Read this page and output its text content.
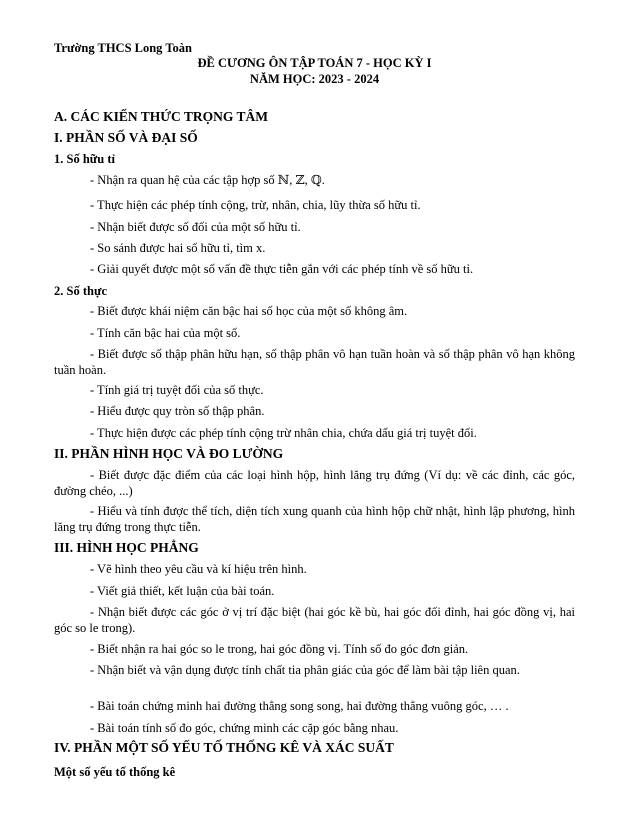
Trường THCS Long Toàn
ĐỀ CƯƠNG ÔN TẬP TOÁN 7 - HỌC KỲ I
NĂM HỌC: 2023 - 2024
A. CÁC KIẾN THỨC TRỌNG TÂM
I. PHẦN SỐ VÀ ĐẠI SỐ
1. Số hữu tỉ
- Nhận ra quan hệ của các tập hợp số ℕ, ℤ, ℚ.
- Thực hiện các phép tính cộng, trừ, nhân, chia, lũy thừa số hữu tỉ.
- Nhận biết được số đối của một số hữu tỉ.
- So sánh được hai số hữu tỉ, tìm x.
- Giải quyết được một số vấn đề thực tiễn gắn với các phép tính về số hữu tỉ.
2. Số thực
- Biết được khái niệm căn bậc hai số học của một số không âm.
- Tính căn bậc hai của một số.
- Biết được số thập phân hữu hạn, số thập phân vô hạn tuần hoàn và số thập phân vô hạn không tuần hoàn.
- Tính giá trị tuyệt đối của số thực.
- Hiểu được quy tròn số thập phân.
- Thực hiện được các phép tính cộng trừ nhân chia, chứa dấu giá trị tuyệt đối.
II. PHẦN HÌNH HỌC VÀ ĐO LƯỜNG
- Biết được đặc điểm của các loại hình hộp, hình lăng trụ đứng (Ví dụ: về các đỉnh, các góc, đường chéo, ...)
- Hiểu và tính được thể tích, diện tích xung quanh của hình hộp chữ nhật, hình lập phương, hình lăng trụ đứng trong thực tiễn.
III. HÌNH HỌC PHẲNG
- Vẽ hình theo yêu cầu và kí hiệu trên hình.
- Viết giả thiết, kết luận của bài toán.
- Nhận biết được các góc ở vị trí đặc biệt (hai góc kề bù, hai góc đối đỉnh, hai góc đồng vị, hai góc so le trong).
- Biết nhận ra hai góc so le trong, hai góc đồng vị. Tính số đo góc đơn giản.
- Nhận biết và vận dụng được tính chất tia phân giác của góc để làm bài tập liên quan.
- Bài toán chứng minh hai đường thẳng song song, hai đường thẳng vuông góc, … .
- Bài toán tính số đo góc, chứng minh các cặp góc bằng nhau.
IV. PHẦN MỘT SỐ YẾU TỐ THỐNG KÊ VÀ XÁC SUẤT
Một số yếu tố thống kê
